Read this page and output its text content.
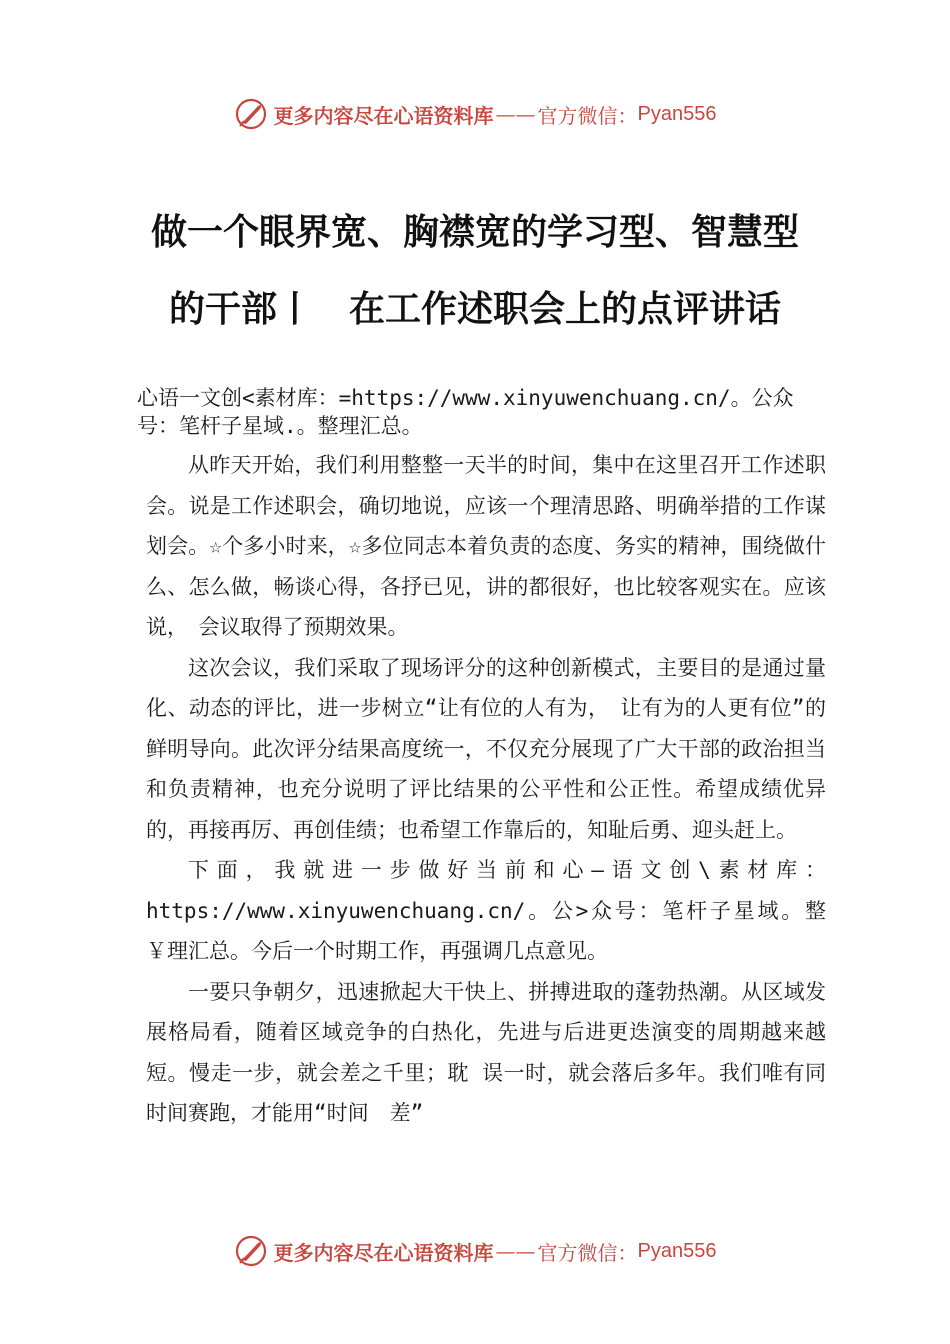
更多内容尽在心语资料库 —— 官方微信： Pyan556
做一个眼界宽、胸襟宽的学习型、智慧型
的干部丨　在工作述职会上的点评讲话
心语一文创<素材库：=https://www.xinyuwenchuang.cn/。公众号：笔杆子星域.。整理汇总。

从昨天开始，我们利用整整一天半的时间，集中在这里召开工作述职会。说是工作述职会，确切地说，应该一个理清思路、明确举措的工作谋划会。☆个多小时来，☆多位同志本着负责的态度、务实的精神，围绕做什么、怎么做，畅谈心得，各抒已见，讲的都很好，也比较客观实在。应该说，　会议取得了预期效果。

这次会议，我们采取了现场评分的这种创新模式，主要目的是通过量化、动态的评比，进一步树立“让有位的人有为，　让有为的人更有位”的鲜明导向。此次评分结果高度统一，不仅充分展现了广大干部的政治担当和负责精神，也充分说明了评比结果的公平性和公正性。希望成绩优异的，再接再厉、再创佳绩；也希望工作靠后的，知耻后勇、迎头赶上。

下面，我就进一步做好当前和心—语文创\素材库：https://www.xinyuwenchuang.cn/。公>众号：笔杆子星域。整￥理汇总。今后一个时期工作，再强调几点意见。

一要只争朝夕，迅速掀起大干快上、拼搏进取的蓬勃热潮。从区域发展格局看，随着区域竞争的白热化，先进与后进更迭演变的周期越来越短。慢走一步，就会差之千里；耽 误一时，就会落后多年。我们唯有同时间赛跑，才能用“时间　差”

更多内容尽在心语资料库 —— 官方微信： Pyan556
